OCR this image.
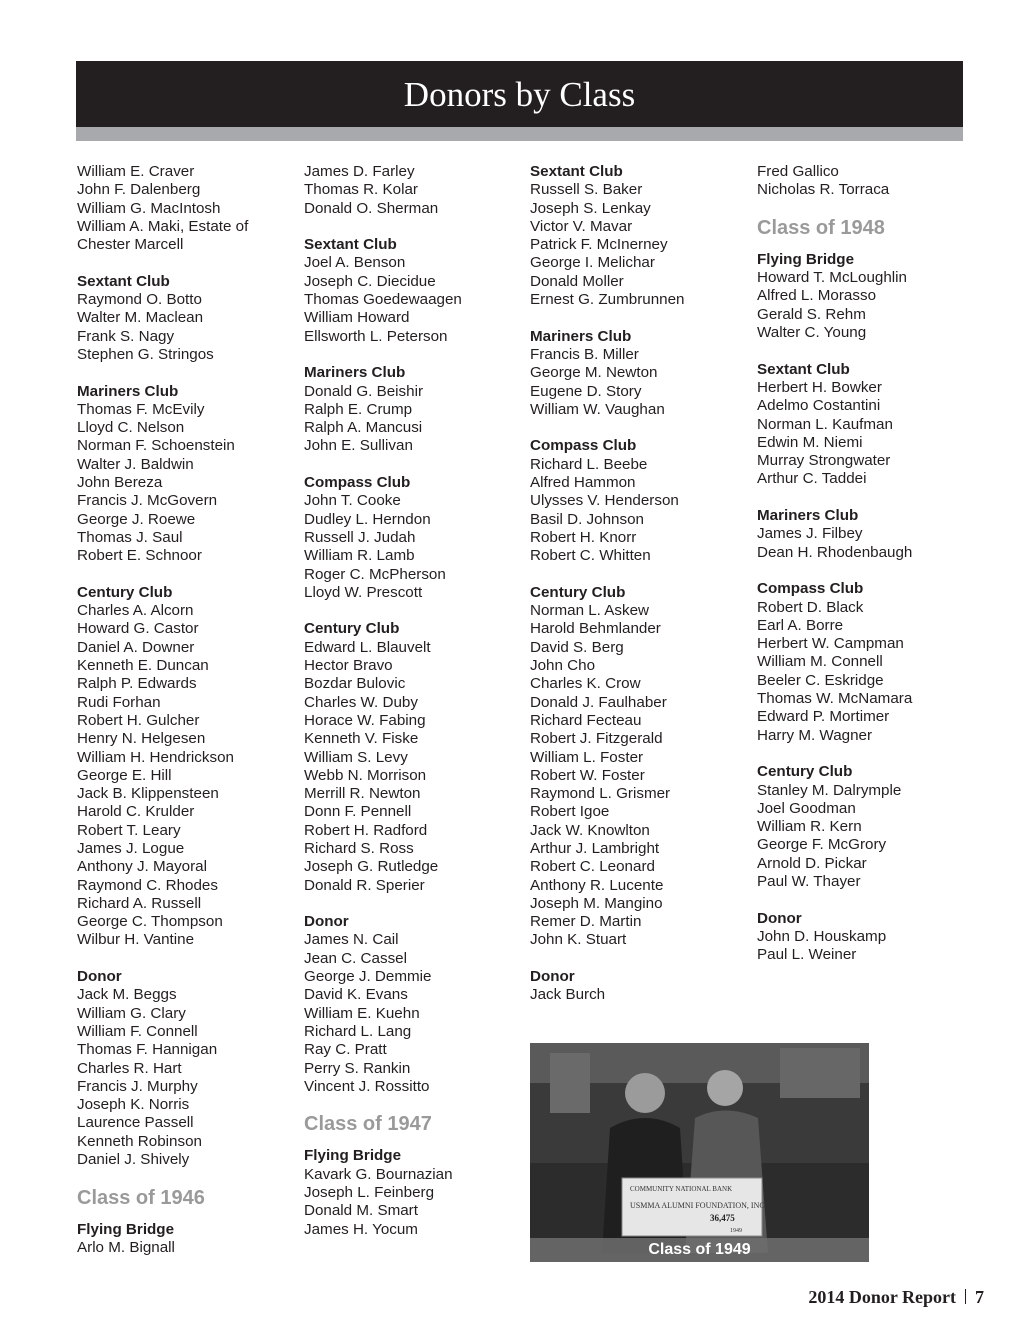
Donors by Class
William E. Craver
John F. Dalenberg
William G. MacIntosh
William A. Maki, Estate of
Chester Marcell
Sextant Club
Raymond O. Botto
Walter M. Maclean
Frank S. Nagy
Stephen G. Stringos
Mariners Club
Thomas F. McEvily
Lloyd C. Nelson
Norman F. Schoenstein
Walter J. Baldwin
John Bereza
Francis J. McGovern
George J. Roewe
Thomas J. Saul
Robert E. Schnoor
Century Club
Charles A. Alcorn
Howard G. Castor
Daniel A. Downer
Kenneth E. Duncan
Ralph P. Edwards
Rudi Forhan
Robert H. Gulcher
Henry N. Helgesen
William H. Hendrickson
George E. Hill
Jack B. Klippensteen
Harold C. Krulder
Robert T. Leary
James J. Logue
Anthony J. Mayoral
Raymond C. Rhodes
Richard A. Russell
George C. Thompson
Wilbur H. Vantine
Donor
Jack M. Beggs
William G. Clary
William F. Connell
Thomas F. Hannigan
Charles R. Hart
Francis J. Murphy
Joseph K. Norris
Laurence Passell
Kenneth Robinson
Daniel J. Shively
Class of 1946
Flying Bridge
Arlo M. Bignall
James D. Farley
Thomas R. Kolar
Donald O. Sherman
Sextant Club
Joel A. Benson
Joseph C. Diecidue
Thomas Goedewaagen
William Howard
Ellsworth L. Peterson
Mariners Club
Donald G. Beishir
Ralph E. Crump
Ralph A. Mancusi
John E. Sullivan
Compass Club
John T. Cooke
Dudley L. Herndon
Russell J. Judah
William R. Lamb
Roger C. McPherson
Lloyd W. Prescott
Century Club
Edward L. Blauvelt
Hector Bravo
Bozdar Bulovic
Charles W. Duby
Horace W. Fabing
Kenneth V. Fiske
William S. Levy
Webb N. Morrison
Merrill R. Newton
Donn F. Pennell
Robert H. Radford
Richard S. Ross
Joseph G. Rutledge
Donald R. Sperier
Donor
James N. Cail
Jean C. Cassel
George J. Demmie
David K. Evans
William E. Kuehn
Richard L. Lang
Ray C. Pratt
Perry S. Rankin
Vincent J. Rossitto
Class of 1947
Flying Bridge
Kavark G. Bournazian
Joseph L. Feinberg
Donald M. Smart
James H. Yocum
Sextant Club
Russell S. Baker
Joseph S. Lenkay
Victor V. Mavar
Patrick F. McInerney
George I. Melichar
Donald Moller
Ernest G. Zumbrunnen
Mariners Club
Francis B. Miller
George M. Newton
Eugene D. Story
William W. Vaughan
Compass Club
Richard L. Beebe
Alfred Hammon
Ulysses V. Henderson
Basil D. Johnson
Robert H. Knorr
Robert C. Whitten
Century Club
Norman L. Askew
Harold Behmlander
David S. Berg
John Cho
Charles K. Crow
Donald J. Faulhaber
Richard Fecteau
Robert J. Fitzgerald
William L. Foster
Robert W. Foster
Raymond L. Grismer
Robert Igoe
Jack W. Knowlton
Arthur J. Lambright
Robert C. Leonard
Anthony R. Lucente
Joseph M. Mangino
Remer D. Martin
John K. Stuart
Donor
Jack Burch
Fred Gallico
Nicholas R. Torraca
Class of 1948
Flying Bridge
Howard T. McLoughlin
Alfred L. Morasso
Gerald S. Rehm
Walter C. Young
Sextant Club
Herbert H. Bowker
Adelmo Costantini
Norman L. Kaufman
Edwin M. Niemi
Murray Strongwater
Arthur C. Taddei
Mariners Club
James J. Filbey
Dean H. Rhodenbaugh
Compass Club
Robert D. Black
Earl A. Borre
Herbert W. Campman
William M. Connell
Beeler C. Eskridge
Thomas W. McNamara
Edward P. Mortimer
Harry M. Wagner
Century Club
Stanley M. Dalrymple
Joel Goodman
William R. Kern
George F. McGrory
Arnold D. Pickar
Paul W. Thayer
Donor
John D. Houskamp
Paul L. Weiner
COMMUNITY NATIONAL BANK
USMMA ALUMNI FOUNDATION, INC.
36,475
1949
Class of 1949
2014 Donor Report 7
